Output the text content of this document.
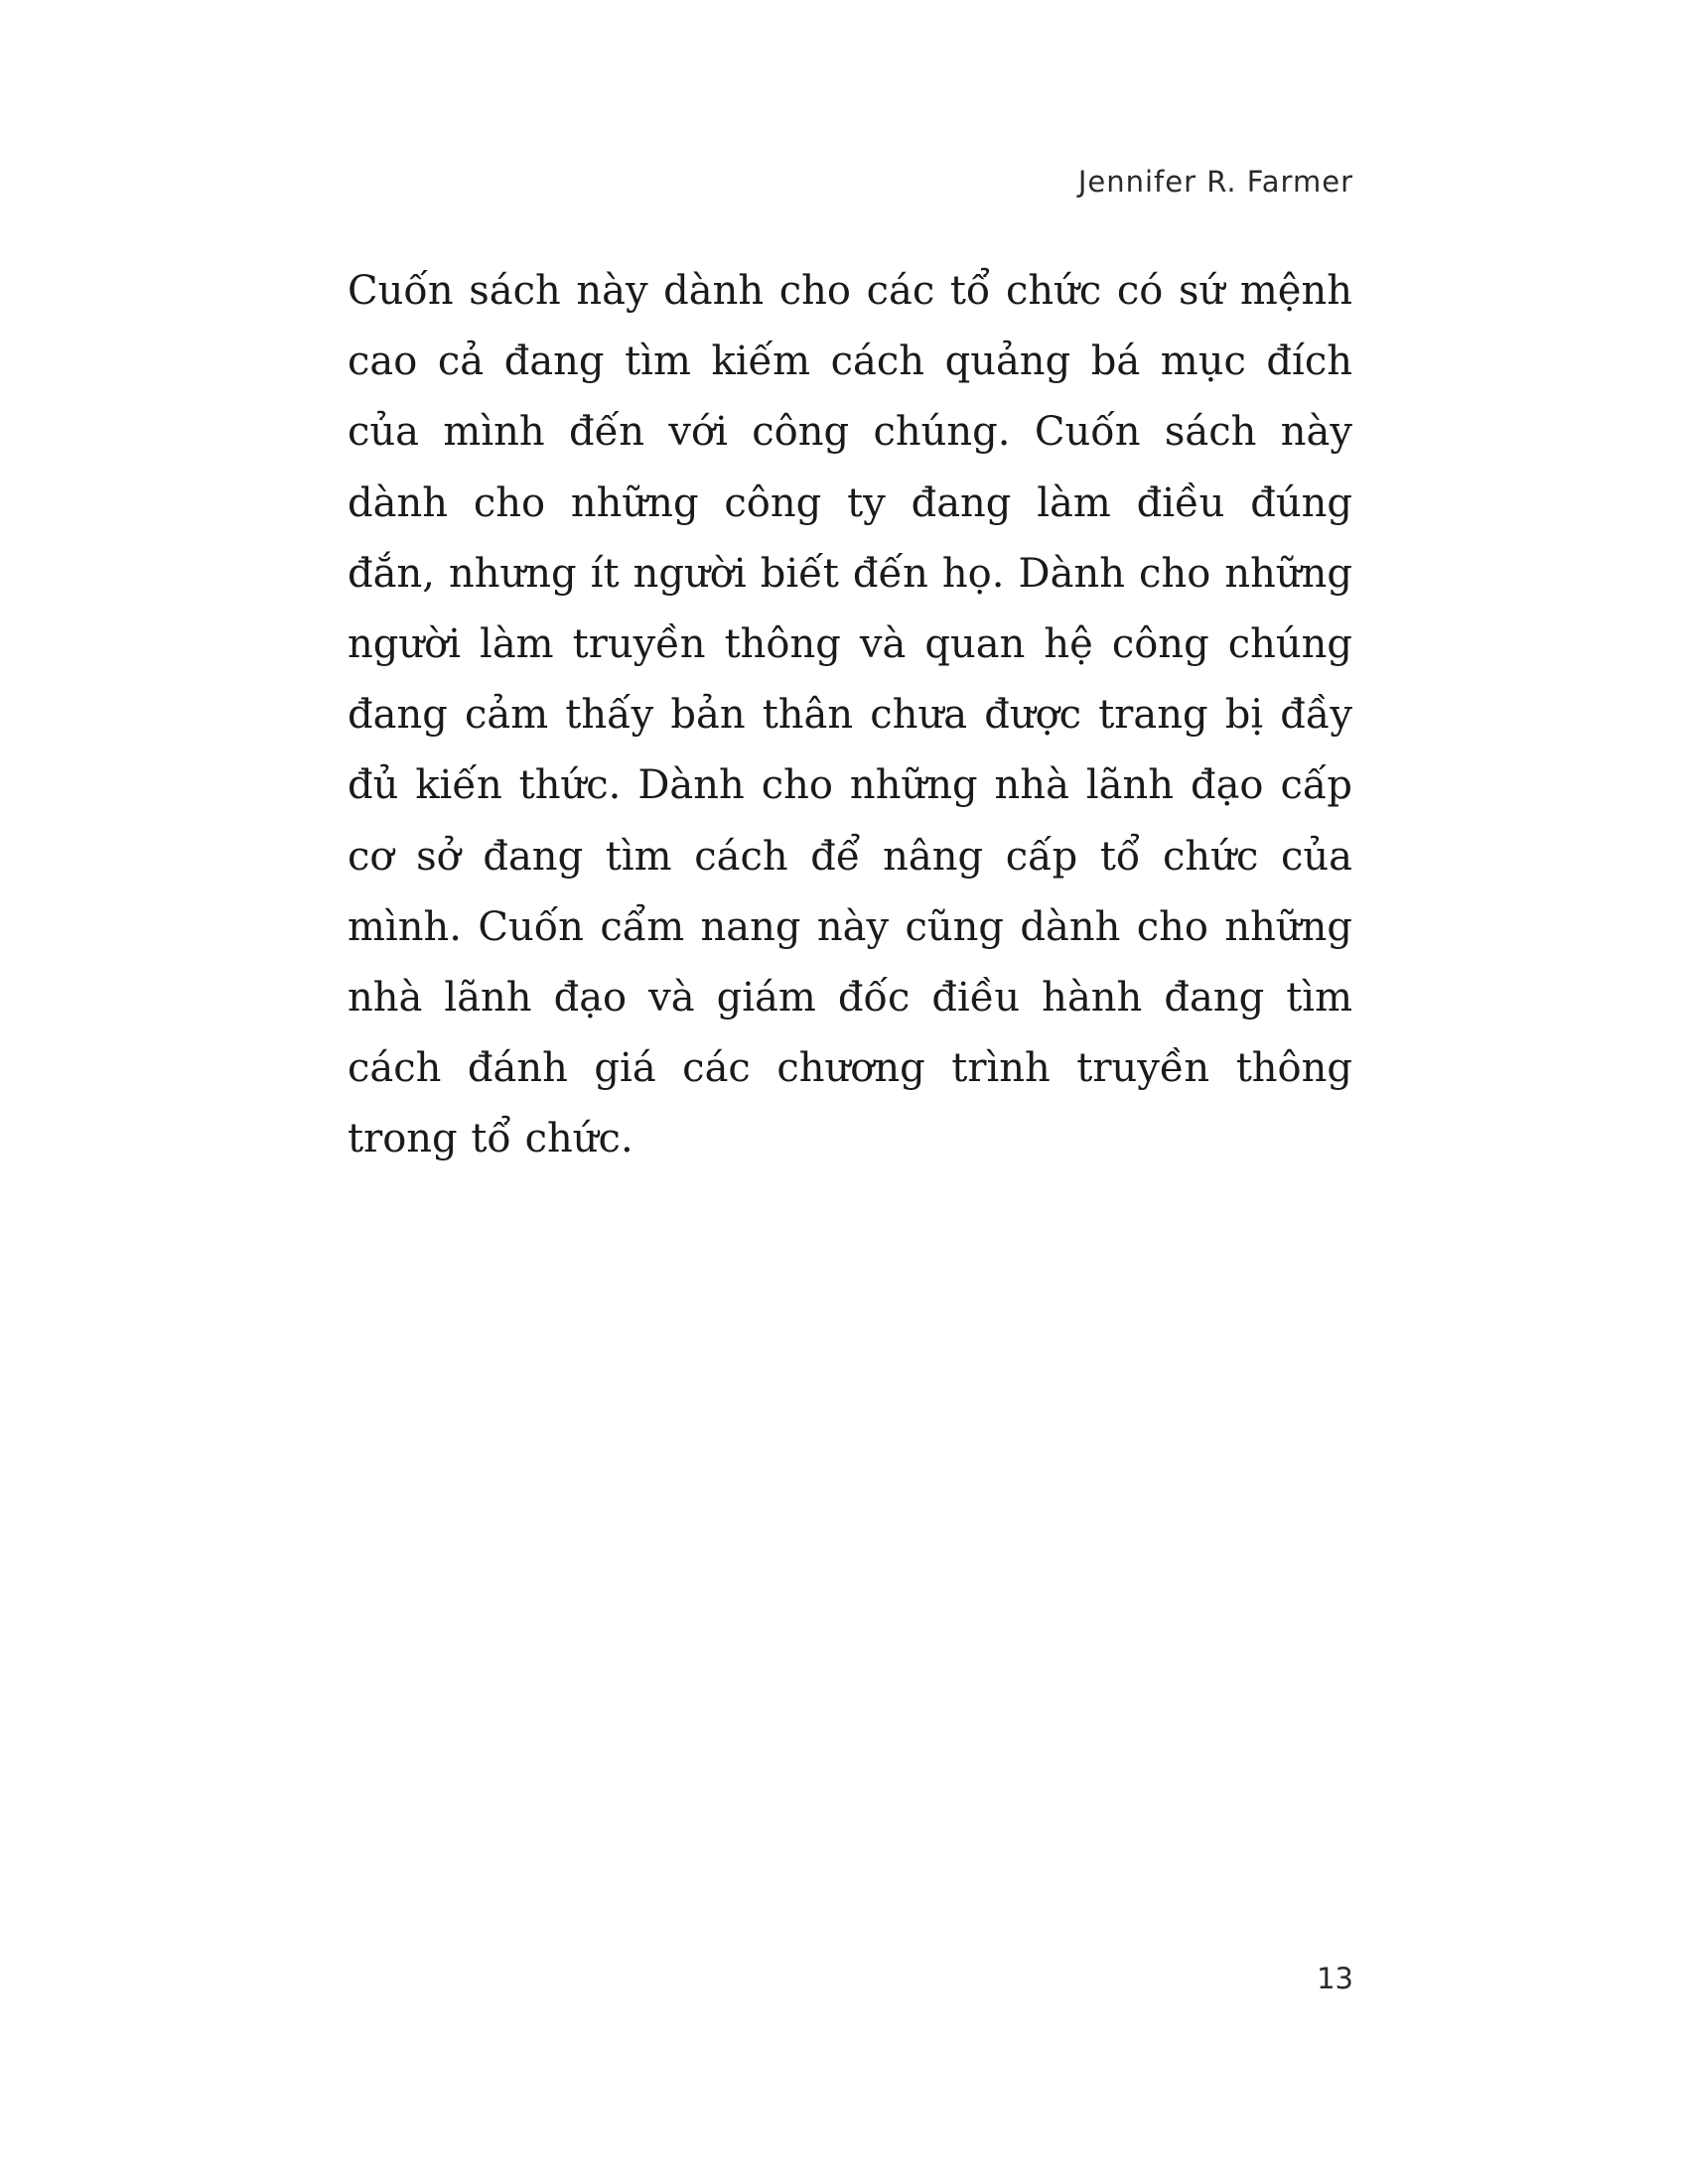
Jennifer R. Farmer

Cuốn sách này dành cho các tổ chức có sứ mệnh cao cả đang tìm kiếm cách quảng bá mục đích của mình đến với công chúng. Cuốn sách này dành cho những công ty đang làm điều đúng đắn, nhưng ít người biết đến họ. Dành cho những người làm truyền thông và quan hệ công chúng đang cảm thấy bản thân chưa được trang bị đầy đủ kiến thức. Dành cho những nhà lãnh đạo cấp cơ sở đang tìm cách để nâng cấp tổ chức của mình. Cuốn cẩm nang này cũng dành cho những nhà lãnh đạo và giám đốc điều hành đang tìm cách đánh giá các chương trình truyền thông trong tổ chức.

13
